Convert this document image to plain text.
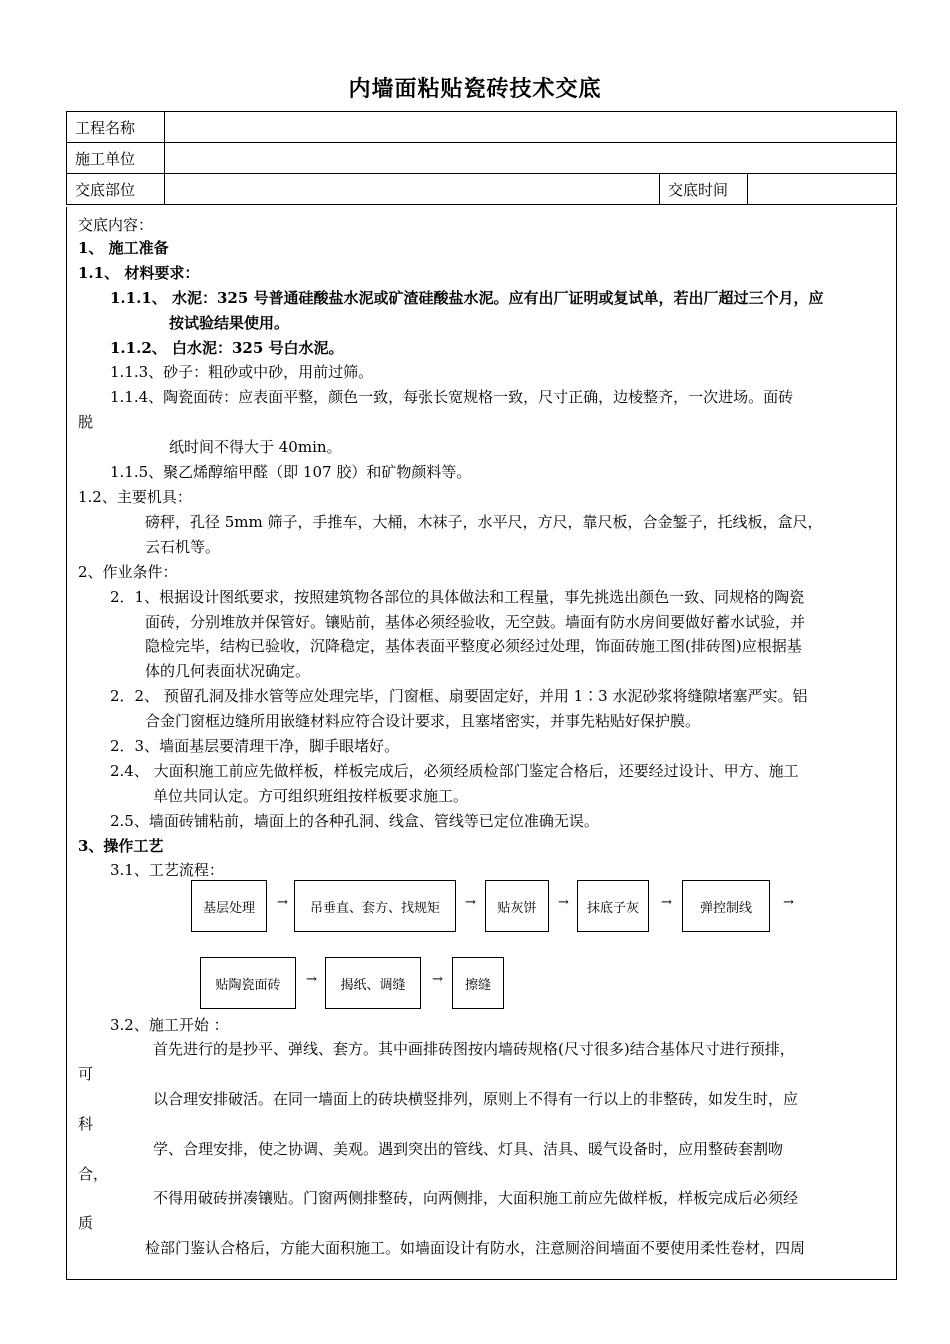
内墙面粘贴瓷砖技术交底
工程名称			
施工单位			
交底部位		交底时间	
交底内容：
1、 施工准备
1.1、 材料要求：
1.1.1、 水泥：325 号普通硅酸盐水泥或矿渣硅酸盐水泥。应有出厂证明或复试单，若出厂超过三个月，应
按试验结果使用。
1.1.2、 白水泥：325 号白水泥。
1.1.3、砂子：粗砂或中砂，用前过筛。
1.1.4、陶瓷面砖：应表面平整，颜色一致，每张长宽规格一致，尺寸正确，边棱整齐，一次进场。面砖
脱
纸时间不得大于 40min。
1.1.5、聚乙烯醇缩甲醛（即 107 胶）和矿物颜料等。
1.2、主要机具：
磅秤，孔径 5mm 筛子，手推车，大桶，木袜子，水平尺，方尺，靠尺板，合金錾子，托线板，盒尺，
云石机等。
2、作业条件：
2．1、根据设计图纸要求，按照建筑物各部位的具体做法和工程量，事先挑选出颜色一致、同规格的陶瓷
面砖，分别堆放并保管好。镶贴前，基体必须经验收，无空鼓。墙面有防水房间要做好蓄水试验，并
隐检完毕，结构已验收，沉降稳定，基体表面平整度必须经过处理，饰面砖施工图(排砖图)应根据基
体的几何表面状况确定。
2．2、 预留孔洞及排水管等应处理完毕，门窗框、扇要固定好，并用 1∶3 水泥砂浆将缝隙堵塞严实。铝
合金门窗框边缝所用嵌缝材料应符合设计要求，且塞堵密实，并事先粘贴好保护膜。
2．3、墙面基层要清理干净，脚手眼堵好。
2.4、 大面积施工前应先做样板，样板完成后，必须经质检部门鉴定合格后，还要经过设计、甲方、施工
单位共同认定。方可组织班组按样板要求施工。
2.5、墙面砖铺粘前，墙面上的各种孔洞、线盒、管线等已定位准确无误。
3、操作工艺
3.1、工艺流程：
基层处理	→	吊垂直、套方、找规矩	→	贴灰饼	→	抹底子灰	→	弹控制线	→
贴陶瓷面砖	→	揭纸、调缝	→	擦缝
3.2、施工开始 ：
首先进行的是抄平、弹线、套方。其中画排砖图按内墙砖规格(尺寸很多)结合基体尺寸进行预排，
可
以合理安排破活。在同一墙面上的砖块横竖排列，原则上不得有一行以上的非整砖，如发生时，应
科
学、合理安排，使之协调、美观。遇到突出的管线、灯具、洁具、暖气设备时，应用整砖套割吻
合，
不得用破砖拼凑镶贴。门窗两侧排整砖，向两侧排，大面积施工前应先做样板，样板完成后必须经
质
检部门鉴认合格后，方能大面积施工。如墙面设计有防水，注意厕浴间墙面不要使用柔性卷材，四周
